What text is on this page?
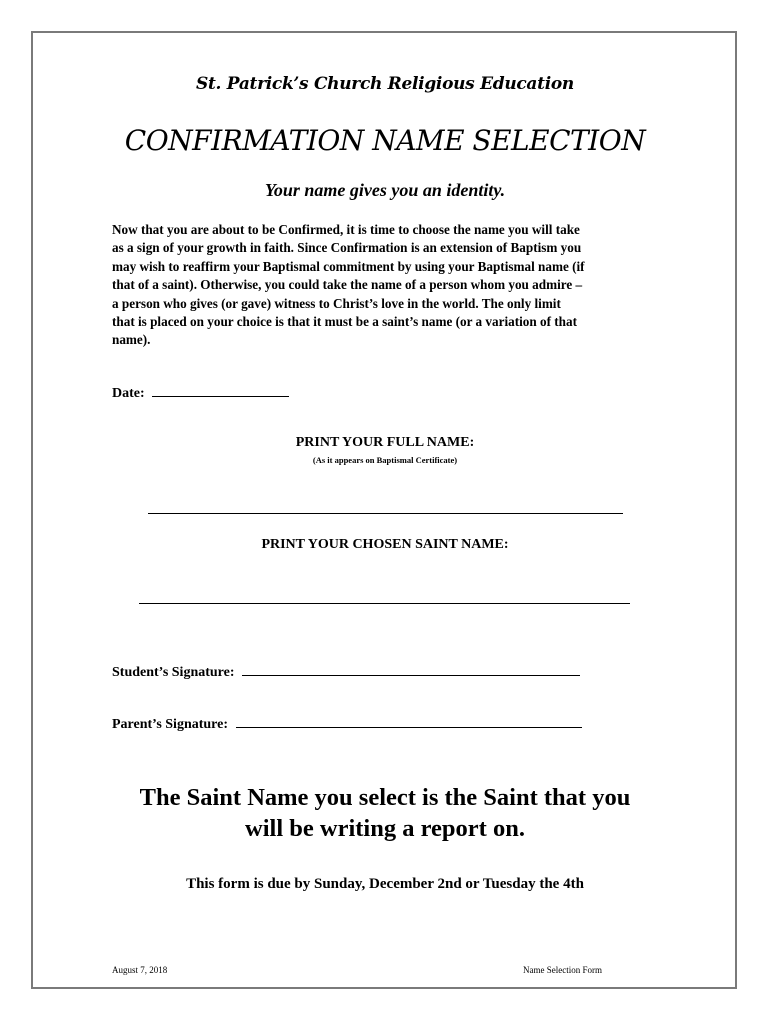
St. Patrick’s Church Religious Education
CONFIRMATION NAME SELECTION
Your name gives you an identity.
Now that you are about to be Confirmed, it is time to choose the name you will take
as a sign of your growth in faith. Since Confirmation is an extension of Baptism you
may wish to reaffirm your Baptismal commitment by using your Baptismal name (if
that of a saint). Otherwise, you could take the name of a person whom you admire –
a person who gives (or gave) witness to Christ’s love in the world. The only limit
that is placed on your choice is that it must be a saint’s name (or a variation of that
name).
Date:
PRINT YOUR FULL NAME:
(As it appears on Baptismal Certificate)
PRINT YOUR CHOSEN SAINT NAME:
Student’s Signature:
Parent’s Signature:
The Saint Name you select is the Saint that you
will be writing a report on.
This form is due by Sunday, December 2nd or Tuesday the 4th
August 7, 2018	Name Selection Form
